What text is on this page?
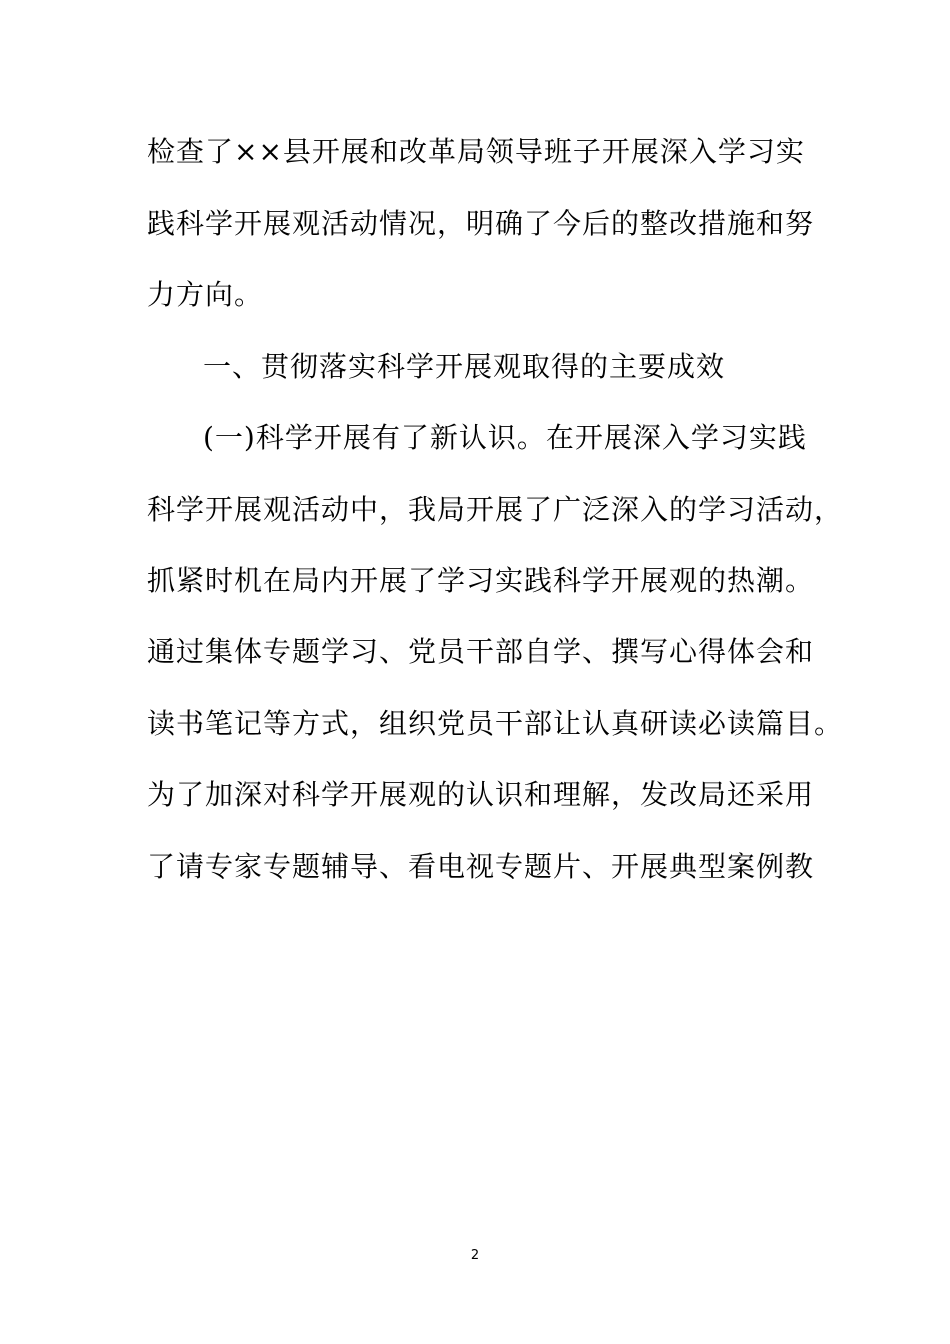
检查了××县开展和改革局领导班子开展深入学习实
践科学开展观活动情况，明确了今后的整改措施和努
力方向。
一、贯彻落实科学开展观取得的主要成效
(一)科学开展有了新认识。在开展深入学习实践
科学开展观活动中，我局开展了广泛深入的学习活动，
抓紧时机在局内开展了学习实践科学开展观的热潮。
通过集体专题学习、党员干部自学、撰写心得体会和
读书笔记等方式，组织党员干部让认真研读必读篇目。
为了加深对科学开展观的认识和理解，发改局还采用
了请专家专题辅导、看电视专题片、开展典型案例教
2
